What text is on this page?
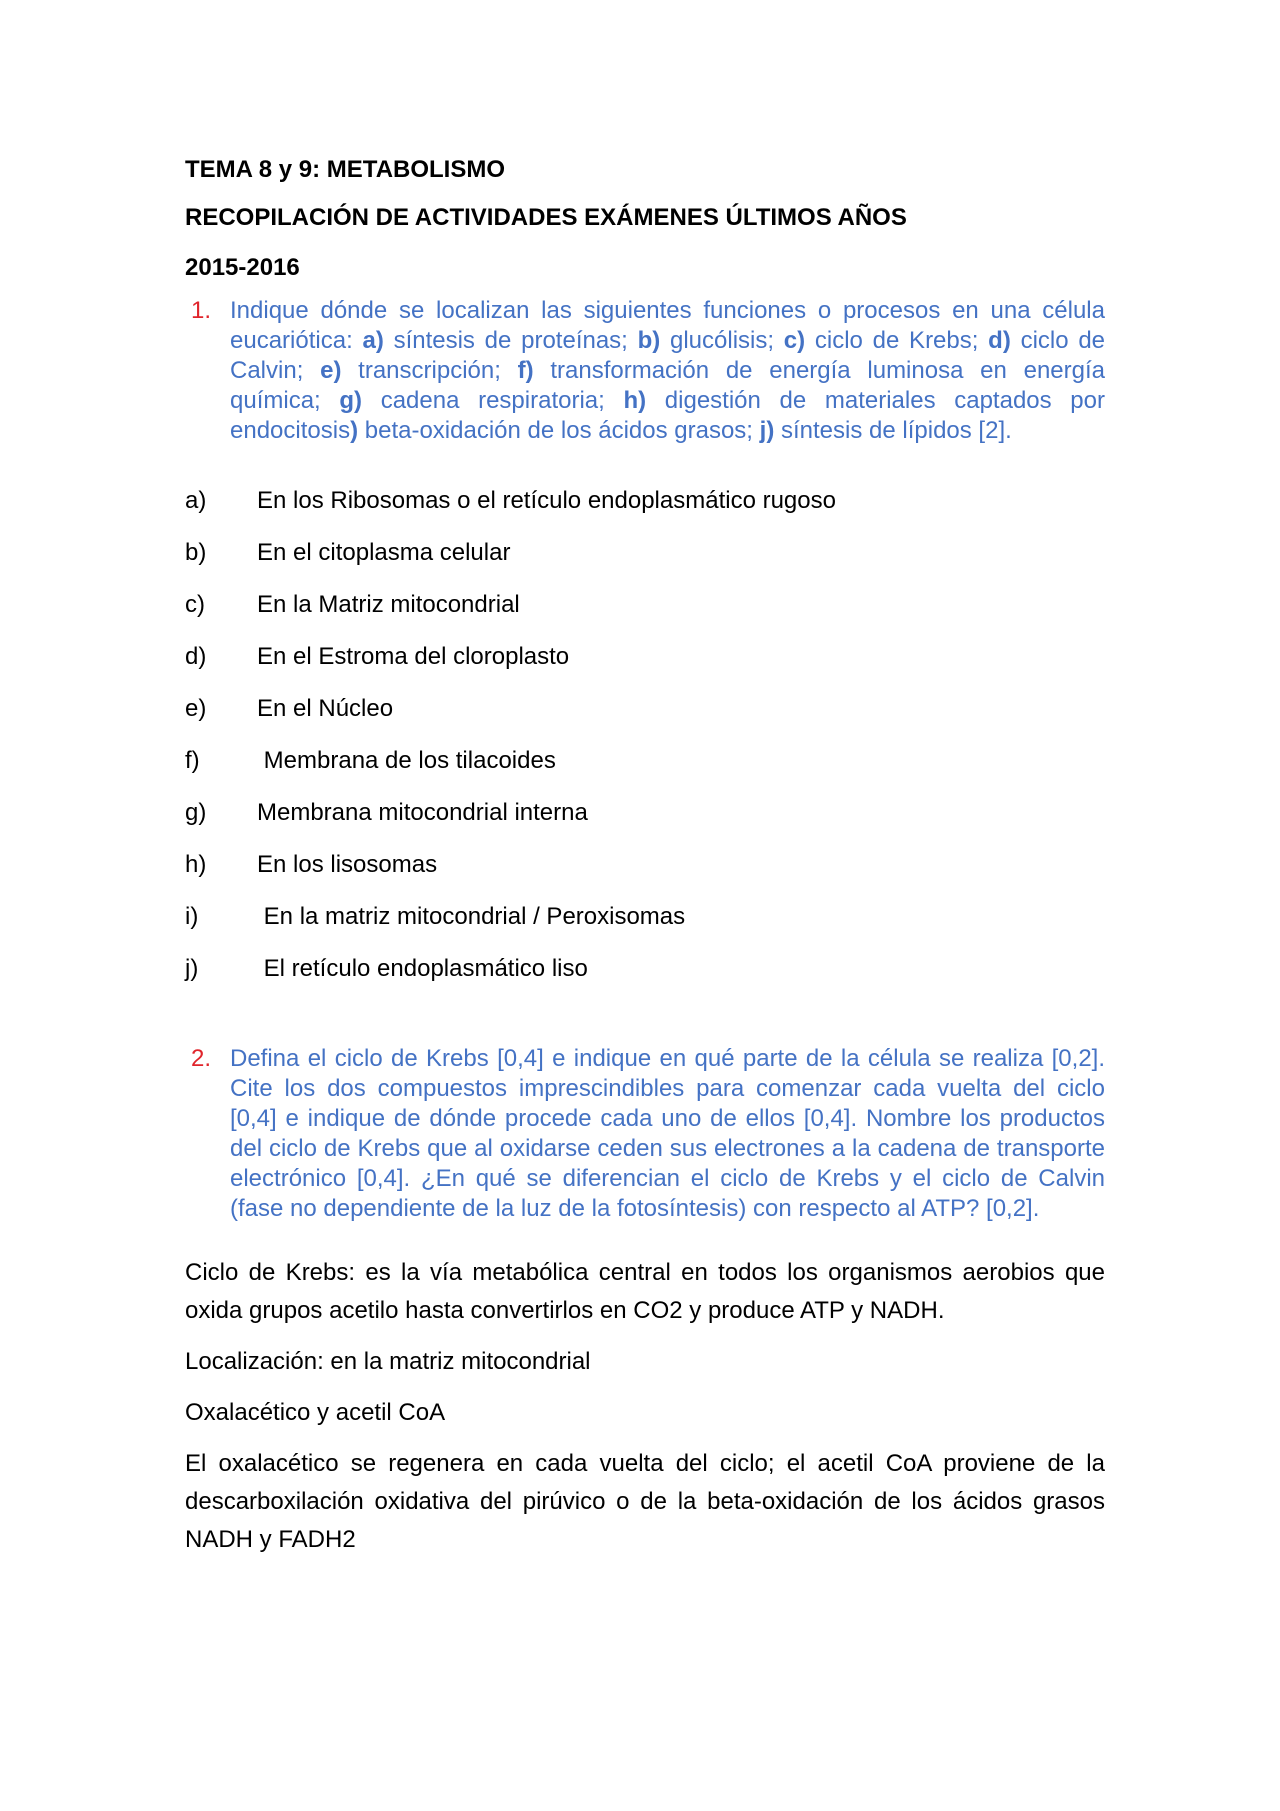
TEMA 8 y 9: METABOLISMO

RECOPILACIÓN DE ACTIVIDADES EXÁMENES ÚLTIMOS AÑOS

2015-2016

1. Indique dónde se localizan las siguientes funciones o procesos en una célula eucariótica: a) síntesis de proteínas; b) glucólisis; c) ciclo de Krebs; d) ciclo de Calvin; e) transcripción; f) transformación de energía luminosa en energía química; g) cadena respiratoria; h) digestión de materiales captados por endocitosis) beta-oxidación de los ácidos grasos; j) síntesis de lípidos [2].
a)	En los Ribosomas o el retículo endoplasmático rugoso
b)	En el citoplasma celular
c)	En la Matriz mitocondrial
d)	En el Estroma del cloroplasto
e)	En el Núcleo
f)	Membrana de los tilacoides
g)	Membrana mitocondrial interna
h)	En los lisosomas
i)	En la matriz mitocondrial / Peroxisomas
j)	El retículo endoplasmático liso
2. Defina el ciclo de Krebs [0,4] e indique en qué parte de la célula se realiza [0,2]. Cite los dos compuestos imprescindibles para comenzar cada vuelta del ciclo [0,4] e indique de dónde procede cada uno de ellos [0,4]. Nombre los productos del ciclo de Krebs que al oxidarse ceden sus electrones a la cadena de transporte electrónico [0,4]. ¿En qué se diferencian el ciclo de Krebs y el ciclo de Calvin (fase no dependiente de la luz de la fotosíntesis) con respecto al ATP? [0,2].

Ciclo de Krebs: es la vía metabólica central en todos los organismos aerobios que oxida grupos acetilo hasta convertirlos en CO2 y produce ATP y NADH.

Localización: en la matriz mitocondrial

Oxalacético y acetil CoA

El oxalacético se regenera en cada vuelta del ciclo; el acetil CoA proviene de la descarboxilación oxidativa del pirúvico o de la beta-oxidación de los ácidos grasos NADH y FADH2
